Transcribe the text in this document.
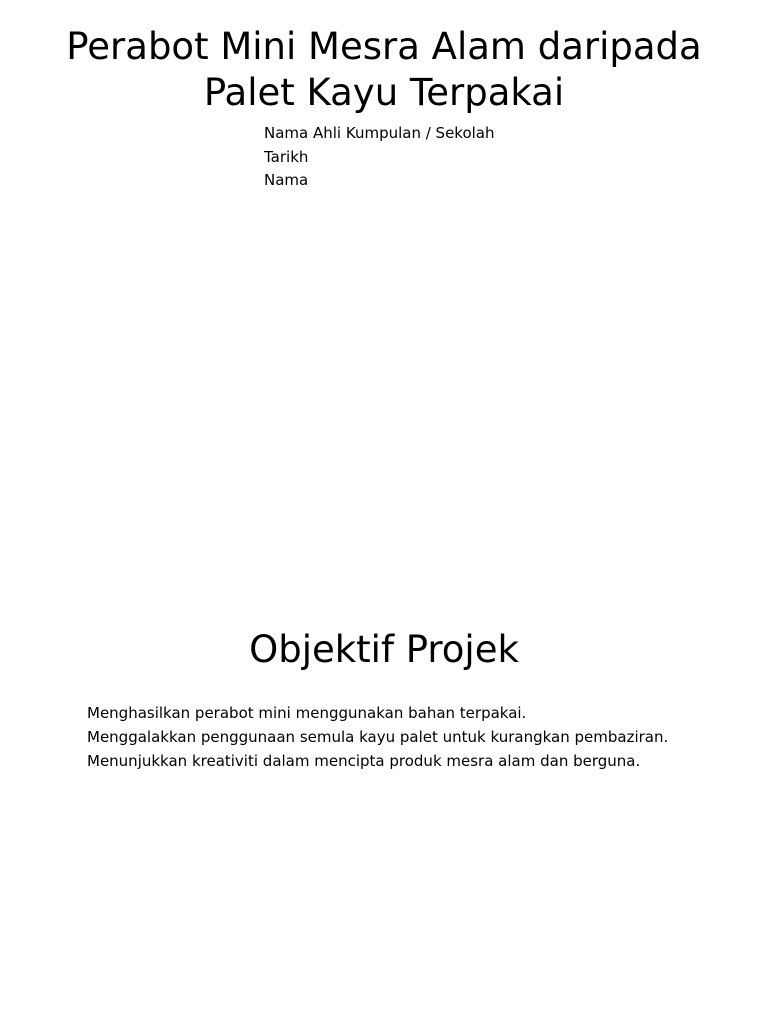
Perabot Mini Mesra Alam daripada
Palet Kayu Terpakai
Nama Ahli Kumpulan / Sekolah
Tarikh
Nama
Objektif Projek
Menghasilkan perabot mini menggunakan bahan terpakai.
Menggalakkan penggunaan semula kayu palet untuk kurangkan pembaziran.
Menunjukkan kreativiti dalam mencipta produk mesra alam dan berguna.
